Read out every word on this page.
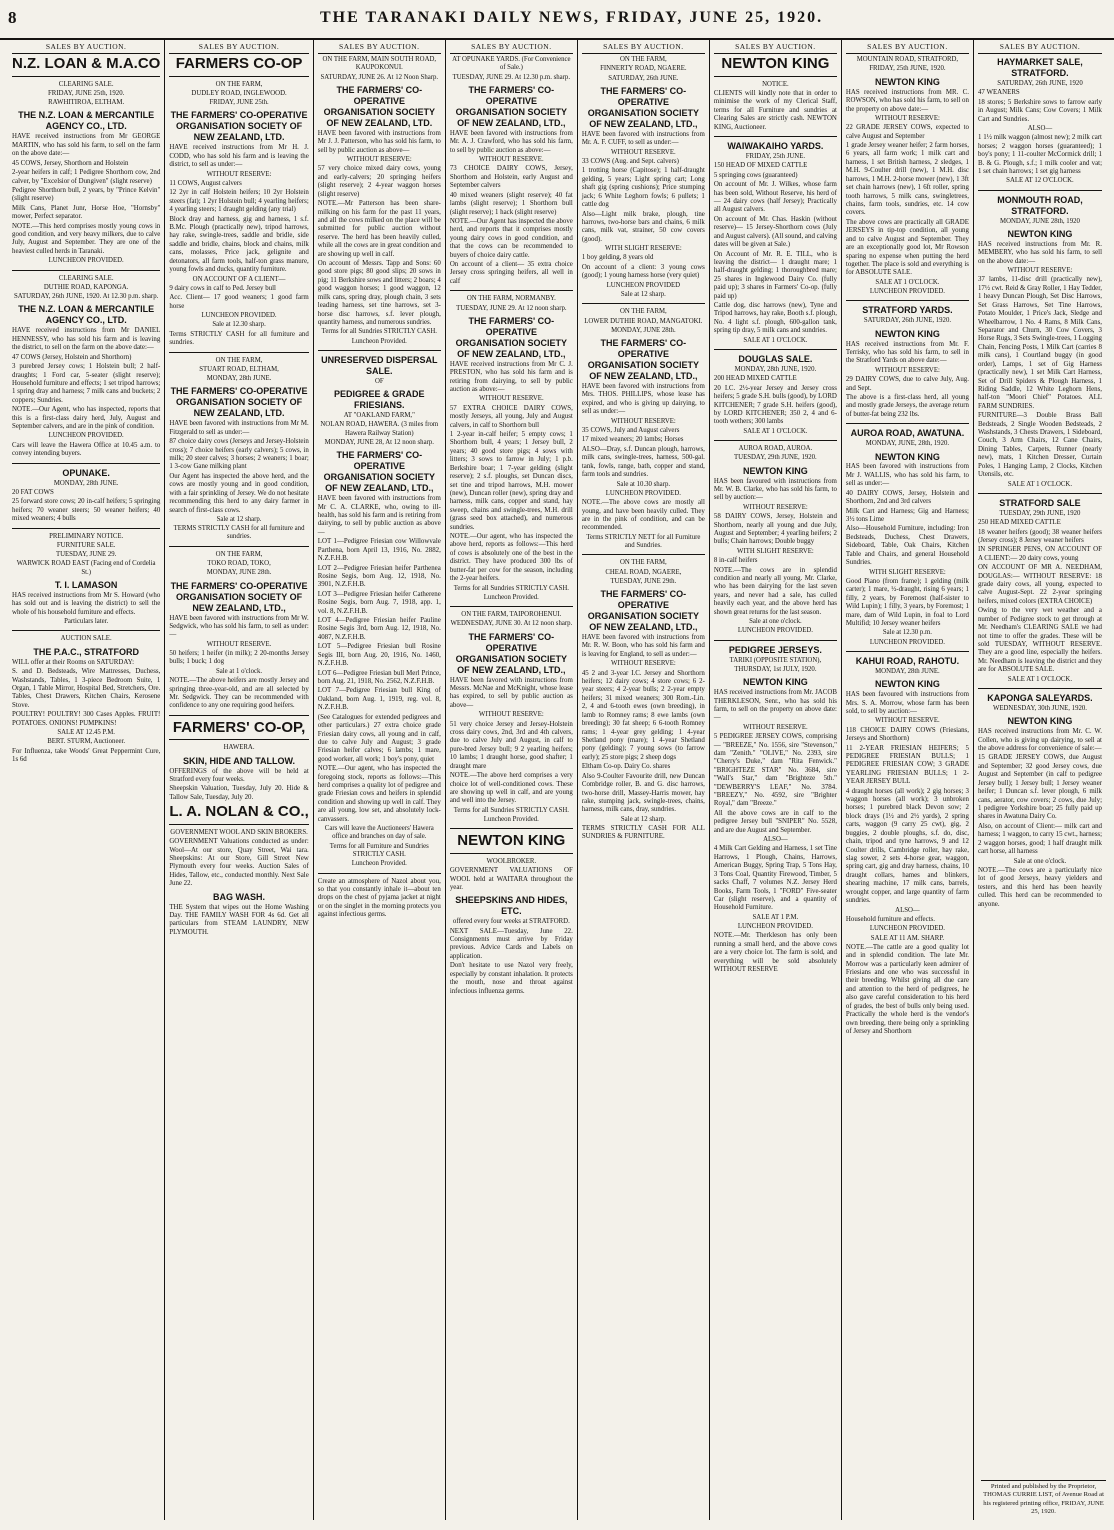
8	THE TARANAKI DAILY NEWS, FRIDAY, JUNE 25, 1920.
SALES BY AUCTION.
N.Z. LOAN & M.A.CO
CLEARING SALE.
FRIDAY, JUNE 25th, 1920.
RAWHITIROA, ELTHAM.
THE N.Z. LOAN & MERCANTILE AGENCY CO., LTD.
HAVE received instructions from Mr GEORGE MARTIN, who has sold his farm, to sell on the farm on the above date:—
45 COWS, Jersey, Shorthorn and Holstein
2-year heifers in calf; 1 Pedigree Shorthorn cow, 2nd calver, by "Excelsior of Dungiven" (slight reserve)
Pedigree Shorthorn bull, 2 years, by "Prince Kelvin" (slight reserve)
Milk Cans, Planet Junr, Horse Hoe, "Hornsby" mower, Perfect separator.
NOTE.—This herd comprises mostly young cows in good condition, and very heavy milkers, due to calve July, August and September. They are one of the heaviest culled herds in Taranaki.
LUNCHEON PROVIDED.
CLEARING SALE.
DUTHIE ROAD, KAPONGA.
SATURDAY, 26th JUNE, 1920. At 12.30 p.m. sharp.
THE N.Z. LOAN & MERCANTILE AGENCY CO., LTD.
HAVE received instructions from Mr DANIEL HENNESSY, who has sold his farm and is leaving the district, to sell on the farm on the above date:—
47 COWS (Jersey, Holstein and Shorthorn)
3 purebred Jersey cows; 1 Holstein bull; 2 half-draughts; 1 Ford car, 5-seater (slight reserve); Household furniture and effects; 1 set tripod harrows; 1 spring dray and harness; 7 milk cans and buckets; 2 coppers; Sundries.
NOTE.—Our Agent, who has inspected, reports that this is a first-class dairy herd, July, August and September calvers, and are in the pink of condition.
LUNCHEON PROVIDED.
Cars will leave the Hawera Office at 10.45 a.m. to convey intending buyers.
OPUNAKE.
MONDAY, 28th JUNE.
20 FAT COWS
25 forward store cows; 20 in-calf heifers; 5 springing heifers; 70 weaner steers; 50 weaner heifers; 40 mixed weaners; 4 bulls
PRELIMINARY NOTICE.
FURNITURE SALE.
TUESDAY, JUNE 29.
WARWICK ROAD EAST (Facing end of Cordelia St.)
T. I. LAMASON
HAS received instructions from Mr S. Howard (who has sold out and is leaving the district) to sell the whole of his household furniture and effects.
Particulars later.
AUCTION SALE.
THE P.A.C., STRATFORD
WILL offer at their Rooms on SATURDAY:
S. and D. Bedsteads, Wire Mattresses, Duchess, Washstands, Tables, 1 3-piece Bedroom Suite, 1 Organ, 1 Table Mirror, Hospital Bed, Stretchers, Ore. Tables, Chest Drawers, Kitchen Chairs, Kerosene Stove.
POULTRY! POULTRY! 300 Cases Apples. FRUIT! POTATOES. ONIONS! PUMPKINS!
SALE AT 12.45 P.M.
BERT. STURM, Auctioneer.
For Influenza, take Woods' Great Peppermint Cure, 1s 6d
SALES BY AUCTION.
FARMERS CO-OP
ON THE FARM,
DUDLEY ROAD, INGLEWOOD.
FRIDAY, JUNE 25th.
THE FARMERS' CO-OPERATIVE ORGANISATION SOCIETY OF NEW ZEALAND, LTD.
HAVE received instructions from Mr H. J. CODD, who has sold his farm and is leaving the district, to sell as under:—
WITHOUT RESERVE:
11 COWS, August calvers
12 2yr in calf Holstein heifers; 10 2yr Holstein steers (fat); 1 2yr Holstein bull; 4 yearling heifers; 4 yearling steers; 1 draught gelding (any trial)
Block dray and harness, gig and harness, 1 s.f. B.Mc. Plough (practically new), tripod harrows, hay rake, swingle-trees, saddle and bridle, side saddle and bridle, chains, block and chains, milk cans, molasses, Price jack, gelignite and detonators, all farm tools, half-ton grass manure, young fowls and ducks, quantity furniture.
ON ACCOUNT OF A CLIENT—
9 dairy cows in calf to Ped. Jersey bull
Acc. Client— 17 good weaners; 1 good farm horse
LUNCHEON PROVIDED.
Sale at 12.30 sharp.
Terms STRICTLY CASH for all furniture and sundries.
ON THE FARM,
STUART ROAD, ELTHAM,
MONDAY, 28th JUNE.
THE FARMERS' CO-OPERATIVE ORGANISATION SOCIETY OF NEW ZEALAND, LTD.
HAVE been favored with instructions from Mr M. Fitzgerald to sell as under:—
87 choice dairy cows (Jerseys and Jersey-Holstein cross); 7 choice heifers (early calvers); 5 cows, in milk; 20 steer calves; 3 horses; 2 weaners; 1 boar; 1 3-cow Gane milking plant
Our Agent has inspected the above herd, and the cows are mostly young and in good condition, with a fair sprinkling of Jersey. We do not hesitate recommending this herd to any dairy farmer in search of first-class cows.
Sale at 12 sharp.
TERMS STRICTLY CASH for all furniture and sundries.
ON THE FARM,
TOKO ROAD, TOKO,
MONDAY, JUNE 28th.
THE FARMERS' CO-OPERATIVE ORGANISATION SOCIETY OF NEW ZEALAND, LTD.,
HAVE been favored with instructions from Mr W. Sedgwick, who has sold his farm, to sell as under:—
WITHOUT RESERVE.
50 heifers; 1 heifer (in milk); 2 20-months Jersey bulls; 1 buck; 1 dog
Sale at 1 o'clock.
NOTE.—The above heifers are mostly Jersey and springing three-year-old, and are all selected by Mr. Sedgwick. They can be recommended with confidence to any one requiring good heifers.
FARMERS' CO-OP,
HAWERA.
SKIN, HIDE AND TALLOW.
OFFERINGS of the above will be held at Stratford every four weeks.
Sheepskin Valuation, Tuesday, July 20. Hide & Tallow Sale, Tuesday, July 20.
L. A. NOLAN & CO.,
GOVERNMENT WOOL AND SKIN BROKERS.
GOVERNMENT Valuations conducted as under: Wool—At our store, Quay Street, Wai tara. Sheepskins: At our Store, Gill Street New Plymouth every four weeks. Auction Sales of Hides, Tallow, etc., conducted monthly. Next Sale June 22.
BAG WASH.
THE System that wipes out the Home Washing Day. THE FAMILY WASH FOR 4s 6d. Get all particulars from STEAM LAUNDRY, NEW PLYMOUTH.
SALES BY AUCTION.
ON THE FARM, MAIN SOUTH ROAD, KAUPOKONUI.
SATURDAY, JUNE 26. At 12 Noon Sharp.
THE FARMERS' CO-OPERATIVE ORGANISATION SOCIETY OF NEW ZEALAND, LTD.
HAVE been favored with instructions from Mr J. J. Patterson, who has sold his farm, to sell by public auction as above—
WITHOUT RESERVE:
57 very choice mixed dairy cows, young and early-calvers; 20 springing heifers (slight reserve); 2 4-year waggon horses (slight reserve)
NOTE.—Mr Patterson has been share-milking on his farm for the past 11 years, and all the cows milked on the place will be submitted for public auction without reserve. The herd has been heavily culled, while all the cows are in great condition and are showing up well in calf.
On account of Messrs. Tapp and Sons: 60 good store pigs; 80 good slips; 20 sows in pig; 11 Berkshire sows and litters; 2 boars; 4 good waggon horses; 1 good waggon, 12 milk cans, spring dray, plough chain, 3 sets leading harness, set tine harrows, set 3-horse disc harrows, s.f. lever plough, quantity harness, and numerous sundries.
Terms for all Sundries STRICTLY CASH.
Luncheon Provided.
UNRESERVED DISPERSAL SALE.
OF
PEDIGREE & GRADE FRIESIANS.
AT "OAKLAND FARM,"
NOLAN ROAD, HAWERA. (3 miles from Hawera Railway Station)
MONDAY, JUNE 28, At 12 noon sharp.
THE FARMERS' CO-OPERATIVE ORGANISATION SOCIETY OF NEW ZEALAND, LTD.,
HAVE been favored with instructions from Mr C. A. CLARKE, who, owing to ill-health, has sold his farm and is retiring from dairying, to sell by public auction as above—
LOT 1—Pedigree Friesian cow Willowvale Parthena, born April 13, 1916, No. 2882, N.Z.F.H.B.
LOT 2—Pedigree Friesian heifer Parthenea Rosine Segis, born Aug. 12, 1918, No. 3901, N.Z.F.H.B.
LOT 3—Pedigree Friesian heifer Catherene Rosine Segis, born Aug. 7, 1918, app. 1, vol. 8, N.Z.F.H.B.
LOT 4—Pedigree Friesian heifer Pauline Rosine Segis 3rd, born Aug. 12, 1918, No. 4087, N.Z.F.H.B.
LOT 5—Pedigree Friesian bull Rosine Segis III, born Aug. 20, 1916, No. 1460, N.Z.F.H.B.
LOT 6—Pedigree Friesian bull Merl Prince, born Aug. 21, 1918, No. 2562, N.Z.F.H.B.
LOT 7—Pedigree Friesian bull King of Oakland, born Aug. 1, 1919, reg. vol. 8, N.Z.F.H.B.
(See Catalogues for extended pedigrees and other particulars.) 27 extra choice grade Friesian dairy cows, all young and in calf, due to calve July and August; 3 grade Friesian heifer calves; 6 lambs; 1 mare, good worker, all work; 1 boy's pony, quiet
NOTE.—Our agent, who has inspected the foregoing stock, reports as follows:—This herd comprises a quality lot of pedigree and grade Friesian cows and heifers in splendid condition and showing up well in calf. They are all young, low set, and absolutely lock-canvassers.
Cars will leave the Auctioneers' Hawera office and branches on day of sale.
Terms for all Furniture and Sundries STRICTLY CASH.
Luncheon Provided.
Create an atmosphere of Nazol about you, so that you constantly inhale it—about ten drops on the chest of pyjama jacket at night or on the singlet in the morning protects you against infectious germs.
SALES BY AUCTION.
AT OPUNAKE YARDS. (For Convenience of Sale.)
TUESDAY, JUNE 29. At 12.30 p.m. sharp.
THE FARMERS' CO-OPERATIVE ORGANISATION SOCIETY OF NEW ZEALAND, LTD.,
HAVE been favored with instructions from Mr. A. J. Crawford, who has sold his farm, to sell by public auction as above:—
WITHOUT RESERVE.
73 CHOICE DAIRY COWS, Jersey, Shorthorn and Holstein, early August and September calvers
40 mixed weaners (slight reserve); 40 fat lambs (slight reserve); 1 Shorthorn bull (slight reserve); 1 hack (slight reserve)
NOTE.—Our Agent has inspected the above herd, and reports that it comprises mostly young dairy cows in good condition, and that the cows can be recommended to buyers of choice dairy cattle.
On account of a client— 35 extra choice Jersey cross springing heifers, all well in calf
ON THE FARM, NORMANBY.
TUESDAY, JUNE 29. At 12 noon sharp.
THE FARMERS' CO-OPERATIVE ORGANISATION SOCIETY OF NEW ZEALAND, LTD.,
HAVE received instructions from Mr C. J. PRESTON, who has sold his farm and is retiring from dairying, to sell by public auction as above:—
WITHOUT RESERVE.
57 EXTRA CHOICE DAIRY COWS, mostly Jerseys, all young, July and August calvers, in calf to Shorthorn bull
1 2-year in-calf heifer; 5 empty cows; 1 Shorthorn bull, 4 years; 1 Jersey bull, 2 years; 40 good store pigs; 4 sows with litters; 3 sows to farrow in July; 1 p.b. Berkshire boar; 1 7-year gelding (slight reserve); 2 s.f. ploughs, set Duncan discs, set tine and tripod harrows, M.H. mower (new), Duncan roller (new), spring dray and harness, milk cans, copper and stand, hay sweep, chains and swingle-trees, M.H. drill (grass seed box attached), and numerous sundries.
NOTE.—Our agent, who has inspected the above herd, reports as follows:—This herd of cows is absolutely one of the best in the district. They have produced 300 lbs of butter-fat per cow for the season, including the 2-year heifers.
Terms for all Sundries STRICTLY CASH.
Luncheon Provided.
ON THE FARM, TAIPOROHENUI.
WEDNESDAY, JUNE 30. At 12 noon sharp.
THE FARMERS' CO-OPERATIVE ORGANISATION SOCIETY OF NEW ZEALAND, LTD.,
HAVE been favored with instructions from Messrs. McNae and McKnight, whose lease has expired, to sell by public auction as above—
WITHOUT RESERVE:
51 very choice Jersey and Jersey-Holstein cross dairy cows, 2nd, 3rd and 4th calvers, due to calve July and August, in calf to pure-bred Jersey bull; 9 2 yearling heifers; 10 lambs; 1 draught horse, good shafter; 1 draught mare
NOTE.—The above herd comprises a very choice lot of well-conditioned cows. These are showing up well in calf, and are young and well into the Jersey.
Terms for all Sundries STRICTLY CASH.
Luncheon Provided.
NEWTON KING
WOOLBROKER.
GOVERNMENT VALUATIONS OF WOOL held at WAITARA throughout the year.
SHEEPSKINS AND HIDES, ETC.
offered every four weeks at STRATFORD.
NEXT SALE—Tuesday, June 22. Consignments must arrive by Friday previous. Advice Cards and Labels on application.
Don't hesitate to use Nazol very freely, especially by constant inhalation. It protects the mouth, nose and throat against infectious influenza germs.
SALES BY AUCTION.
ON THE FARM,
FINNERTY ROAD, NGAERE.
SATURDAY, 26th JUNE.
THE FARMERS' CO-OPERATIVE ORGANISATION SOCIETY OF NEW ZEALAND, LTD.,
HAVE been favored with instructions from Mr. A. F. CUFF, to sell as under:—
WITHOUT RESERVE.
33 COWS (Aug. and Sept. calvers)
1 trotting horse (Capitose); 1 half-draught gelding, 5 years; Light spring cart; Long shaft gig (spring cushions); Price stumping jack; 6 White Leghorn fowls; 6 pullets; 1 cattle dog
Also—Light milk brake, plough, tine harrows, two-horse bars and chains, 6 milk cans, milk vat, strainer, 50 cow covers (good).
WITH SLIGHT RESERVE:
1 boy gelding, 8 years old
On account of a client: 3 young cows (good); 1 young harness horse (very quiet)
LUNCHEON PROVIDED
Sale at 12 sharp.
ON THE FARM,
LOWER DUTHIE ROAD, MANGATOKI.
MONDAY, JUNE 28th.
THE FARMERS' CO-OPERATIVE ORGANISATION SOCIETY OF NEW ZEALAND, LTD.,
HAVE been favored with instructions from Mrs. THOS. PHILLIPS, whose lease has expired, and who is giving up dairying, to sell as under:—
WITHOUT RESERVE:
35 COWS, July and August calvers
17 mixed weaners; 20 lambs; Horses
ALSO—Dray, s.f. Duncan plough, harrows, milk cans, swingle-trees, harness, 500-gal. tank, fowls, range, bath, copper and stand, farm tools and sundries.
Sale at 10.30 sharp.
LUNCHEON PROVIDED.
NOTE.—The above cows are mostly all young, and have been heavily culled. They are in the pink of condition, and can be recommended.
Terms STRICTLY NETT for all Furniture and Sundries.
ON THE FARM,
CHEAL ROAD, NGAERE,
TUESDAY, JUNE 29th.
THE FARMERS' CO-OPERATIVE ORGANISATION SOCIETY OF NEW ZEALAND, LTD.,
HAVE been favored with instructions from Mr. R. W. Boon, who has sold his farm and is leaving for England, to sell as under:—
WITHOUT RESERVE:
45 2 and 3-year I.C. Jersey and Shorthorn heifers; 12 dairy cows; 4 store cows; 6 2-year steers; 4 2-year bulls; 2 2-year empty heifers; 31 mixed weaners; 300 Rom.-Lin. 2, 4 and 6-tooth ewes (own breeding), in lamb to Romney rams; 8 ewe lambs (own breeding); 30 fat sheep; 6 6-tooth Romney rams; 1 4-year grey gelding; 1 4-year Shetland pony (mare); 1 4-year Shetland pony (gelding); 7 young sows (to farrow early); 25 store pigs; 2 sheep dogs
Eltham Co-op. Dairy Co. shares
Also 9-Coulter Favourite drill, new Duncan Combridge roller, B. and G. disc harrows, two-horse drill, Massey-Harris mower, hay rake, stumping jack, swingle-trees, chains, harness, milk cans, dray, sundries.
Sale at 12 sharp.
TERMS STRICTLY CASH FOR ALL SUNDRIES & FURNITURE.
SALES BY AUCTION.
NEWTON KING
NOTICE.
CLIENTS will kindly note that in order to minimise the work of my Clerical Staff, terms for all Furniture and sundries at Clearing Sales are strictly cash. NEWTON KING, Auctioneer.
WAIWAKAIHO YARDS.
FRIDAY, 25th JUNE.
150 HEAD OF MIXED CATTLE
5 springing cows (guaranteed)
On account of Mr. J. Wilkes, whose farm has been sold, Without Reserve, his herd of— 24 dairy cows (half Jersey); Practically all August calvers.
On account of Mr. Chas. Haskin (without reserve)— 15 Jersey-Shorthorn cows (July and August calvers). (All sound, and calving dates will be given at Sale.)
On Account of Mr. R. E. TILL, who is leaving the district— 1 draught mare; 1 half-draught gelding; 1 thoroughbred mare; 25 shares in Inglewood Dairy Co. (fully paid up); 3 shares in Farmers' Co-op. (fully paid up)
Cattle dog, disc harrows (new), Tyne and Tripod harrows, hay rake, Booth s.f. plough, No. 4 light s.f. plough, 600-gallon tank, spring tip dray, 5 milk cans and sundries.
SALE AT 1 O'CLOCK.
DOUGLAS SALE.
MONDAY, 28th JUNE, 1920.
200 HEAD MIXED CATTLE
20 I.C. 2½-year Jersey and Jersey cross heifers; 5 grade S.H. bulls (good), by LORD KITCHENER; 7 grade S.H. heifers (good), by LORD KITCHENER; 350 2, 4 and 6-tooth wethers; 300 lambs
SALE AT 1 O'CLOCK.
AUROA ROAD, AUROA.
TUESDAY, 29th JUNE, 1920.
NEWTON KING
HAS been favoured with instructions from Mr. W. B. Clarke, who has sold his farm, to sell by auction:—
WITHOUT RESERVE:
58 DAIRY COWS, Jersey, Holstein and Shorthorn, nearly all young and due July, August and September; 4 yearling heifers; 2 bulls; Chain harrows; Double buggy
WITH SLIGHT RESERVE:
8 in-calf heifers
NOTE.—The cows are in splendid condition and nearly all young. Mr. Clarke, who has been dairying for the last seven years, and never had a sale, has culled heavily each year, and the above herd has shown great returns for the last season.
Sale at one o'clock.
LUNCHEON PROVIDED.
PEDIGREE JERSEYS.
TARIKI (OPPOSITE STATION),
THURSDAY, 1st JULY, 1920.
NEWTON KING
HAS received instructions from Mr. JACOB THERKLESON, Senr., who has sold his farm, to sell on the property on above date:—
WITHOUT RESERVE.
5 PEDIGREE JERSEY COWS, comprising— "BREEZE," No. 1556, sire "Stevenson," dam "Zenith." "OLIVE," No. 2393, sire "Cherry's Duke," dam "Rita Fenwick." "BRIGHTEZE STAR" No. 3684, sire "Wall's Star," dam "Brighteze 5th." "DEWBERRY'S LEAF," No. 3784. "BREEZY," No. 4592, sire "Brighter Royal," dam "Breeze."
All the above cows are in calf to the pedigree Jersey bull "SNIPER" No. 5528, and are due August and September.
ALSO—
4 Milk Cart Gelding and Harness, 1 set Tine Harrows, 1 Plough, Chains, Harrows, American Buggy, Spring Trap, 5 Tons Hay, 3 Tons Coal, Quantity Firewood, Timber, 5 sacks Chaff, 7 volumes N.Z. Jersey Herd Books, Farm Tools, 1 "FORD" Five-seater Car (slight reserve), and a quantity of Household Furniture.
SALE AT 1 P.M.
LUNCHEON PROVIDED.
NOTE.—Mr. Therkleson has only been running a small herd, and the above cows are a very choice lot. The farm is sold, and everything will be sold absolutely WITHOUT RESERVE
SALES BY AUCTION.
MOUNTAIN ROAD, STRATFORD,
FRIDAY, 25th JUNE, 1920.
NEWTON KING
HAS received instructions from MR. C. ROWSON, who has sold his farm, to sell on the property on above date:—
WITHOUT RESERVE:
22 GRADE JERSEY COWS, expected to calve August and September
1 grade Jersey weaner heifer; 2 farm horses, 6 years, all farm work; 1 milk cart and harness, 1 set British harness, 2 sledges, 1 M.H. 9-Coulter drill (new), 1 M.H. disc harrows, 1 M.H. 2-horse mower (new), 1 3ft set chain harrows (new), 1 6ft roller, spring tooth harrows, 5 milk cans, swingletrees, chains, farm tools, sundries, etc. 14 cow covers.
The above cows are practically all GRADE JERSEYS in tip-top condition, all young and to calve August and September. They are an exceptionally good lot, Mr Rowson sparing no expense when putting the herd together. The place is sold and everything is for ABSOLUTE SALE.
SALE AT 1 O'CLOCK.
LUNCHEON PROVIDED.
STRATFORD YARDS.
SATURDAY, 26th JUNE, 1920.
NEWTON KING
HAS received instructions from Mr. F. Terrisky, who has sold his farm, to sell in the Stratford Yards on above date:—
WITHOUT RESERVE:
29 DAIRY COWS, due to calve July, Aug. and Sept.
The above is a first-class herd, all young and mostly grade Jerseys, the average return of butter-fat being 232 lbs.
AUROA ROAD, AWATUNA.
MONDAY, JUNE, 28th, 1920.
NEWTON KING
HAS been favored with instructions from Mr J. WALLIS, who has sold his farm, to sell as under:—
40 DAIRY COWS, Jersey, Holstein and Shorthorn, 2nd and 3rd calvers
Milk Cart and Harness; Gig and Harness; 3½ tons Lime
Also—Household Furniture, including: Iron Bedsteads, Duchess, Chest Drawers, Sideboard, Table, Oak Chairs, Kitchen Table and Chairs, and general Household Sundries.
WITH SLIGHT RESERVE:
Good Piano (from frame); 1 gelding (milk carter); 1 mare, ½-draught, rising 6 years; 1 filly, 2 years, by Foremost (half-sister to Wild Lupin); 1 filly, 3 years, by Foremost; 1 mare, dam of Wild Lupin, in foal to Lord Multifid; 10 Jersey weaner heifers
Sale at 12.30 p.m.
LUNCHEON PROVIDED.
KAHUI ROAD, RAHOTU.
MONDAY, 28th JUNE.
NEWTON KING
HAS been favoured with instructions from Mrs. S. A. Morrow, whose farm has been sold, to sell by auction:—
WITHOUT RESERVE.
118 CHOICE DAIRY COWS (Friesians, Jerseys and Shorthorn)
11 2-YEAR FRIESIAN HEIFERS; 5 PEDIGREE FRIESIAN BULLS; 1 PEDIGREE FRIESIAN COW; 3 GRADE YEARLING FRIESIAN BULLS; 1 2-YEAR JERSEY BULL
4 draught horses (all work); 2 gig horses; 3 waggon horses (all work); 3 unbroken horses; 1 purebred black Devon sow; 2 block drays (1½ and 2½ yards), 2 spring carts, waggon (9 carry 25 cwt), gig, 2 buggies, 2 double ploughs, s.f. do, disc, chain, tripod and tyne harrows, 9 and 12 Coulter drills, Cambridge roller, hay rake, slag sower, 2 sets 4-horse gear, waggon, spring cart, gig and dray harness, chains, 10 draught collars, hames and blinkers, shearing machine, 17 milk cans, barrels, wrought copper, and large quantity of farm sundries.
ALSO—
Household furniture and effects.
LUNCHEON PROVIDED.
SALE AT 11 AM. SHARP.
NOTE.—The cattle are a good quality lot and in splendid condition. The late Mr. Morrow was a particularly keen admirer of Friesians and one who was successful in their breeding. Whilst giving all due care and attention to the herd of pedigrees, he also gave careful consideration to his herd of grades, the best of bulls only being used. Practically the whole herd is the vendor's own breeding, there being only a sprinkling of Jersey and Shorthorn
SALES BY AUCTION.
HAYMARKET SALE, STRATFORD.
SATURDAY, 26th JUNE, 1920
47 WEANERS
18 stores; 5 Berkshire sows to farrow early in August; Milk Cans; Cow Covers; 1 Milk Cart and Sundries.
ALSO—
1 1½ milk waggon (almost new); 2 milk cart horses; 2 waggon horses (guaranteed); 1 boy's pony; 1 11-coulter McCormick drill; 1 B. & G. Plough, s.f.; 1 milk cooler and vat; 1 set chain harrows; 1 set gig harness
SALE AT 12 O'CLOCK.
MONMOUTH ROAD, STRATFORD.
MONDAY, JUNE 28th, 1920
NEWTON KING
HAS received instructions from Mr. R. MEMBERY, who has sold his farm, to sell on the above date:—
WITHOUT RESERVE:
37 lambs, 11-disc drill (practically new), 17½ cwt. Reid & Gray Roller, 1 Hay Tedder, 1 heavy Duncan Plough, Set Disc Harrows, Set Grass Harrows, Set Tine Harrows, Potato Moulder, 1 Price's Jack, Sledge and Wheelbarrow, 1 No. 4 Rams, 8 Milk Cans, Separator and Churn, 30 Cow Covers, 3 Horse Rugs, 3 Sets Swingle-trees, 1 Logging Chain, Fencing Posts, 1 Milk Cart (carries 8 milk cans), 1 Courtland buggy (in good order), Lamps, 1 set of Gig Harness (practically new), 1 set Milk Cart Harness, Set of Drill Spiders & Plough Harness, 1 Riding Saddle, 12 White Leghorn Hens, half-ton "Moori Chief" Potatoes. ALL FARM SUNDRIES.
FURNITURE—3 Double Brass Ball Bedsteads, 2 Single Wooden Bedsteads, 2 Washstands, 3 Chests Drawers, 1 Sideboard, Couch, 3 Arm Chairs, 12 Cane Chairs, Dining Tables, Carpets, Runner (nearly new), mats, 1 Kitchen Dresser, Curtain Poles, 1 Hanging Lamp, 2 Clocks, Kitchen Utensils, etc.
SALE AT 1 O'CLOCK.
STRATFORD SALE
TUESDAY, 29th JUNE, 1920
250 HEAD MIXED CATTLE
18 weaner heifers (good); 38 weaner heifers (Jersey cross); 8 Jersey weaner heifers
IN SPRINGER PENS, ON ACCOUNT OF A CLIENT:— 20 dairy cows, young
ON ACCOUNT OF MR A. NEEDHAM, DOUGLAS:— WITHOUT RESERVE: 18 grade dairy cows, all young, expected to calve August-Sept. 22 2-year springing heifers, mixed colors (EXTRA CHOICE)
Owing to the very wet weather and a number of Pedigree stock to get through at Mr. Needham's CLEARING SALE we had not time to offer the grades. These will be sold TUESDAY, WITHOUT RESERVE. They are a good line, especially the heifers. Mr. Needham is leaving the district and they are for ABSOLUTE SALE.
SALE AT 1 O'CLOCK.
KAPONGA SALEYARDS.
WEDNESDAY, 30th JUNE, 1920.
NEWTON KING
HAS received instructions from Mr. C. W. Collen, who is giving up dairying, to sell at the above address for convenience of sale:—
15 GRADE JERSEY COWS, due August and September; 32 good Jersey cows, due August and September (in calf to pedigree Jersey bull); 1 Jersey bull; 1 Jersey weaner heifer; 1 Duncan s.f. lever plough, 6 milk cans, aerator, cow covers; 2 cows, due July; 1 pedigree Yorkshire boar; 25 fully paid up shares in Awatuna Dairy Co.
Also, on account of Client:— milk cart and harness; 1 waggon, to carry 15 cwt., harness; 2 waggon horses, good; 1 half draught milk cart horse, all harness
Sale at one o'clock.
NOTE.—The cows are a particularly nice lot of good Jerseys, heavy yielders and testers, and this herd has been heavily culled. This herd can be recommended to anyone.
Printed and published by the Proprietor, THOMAS CURRIE LIST, of Avenue Road at his registered printing office, FRIDAY, JUNE 25, 1920.
